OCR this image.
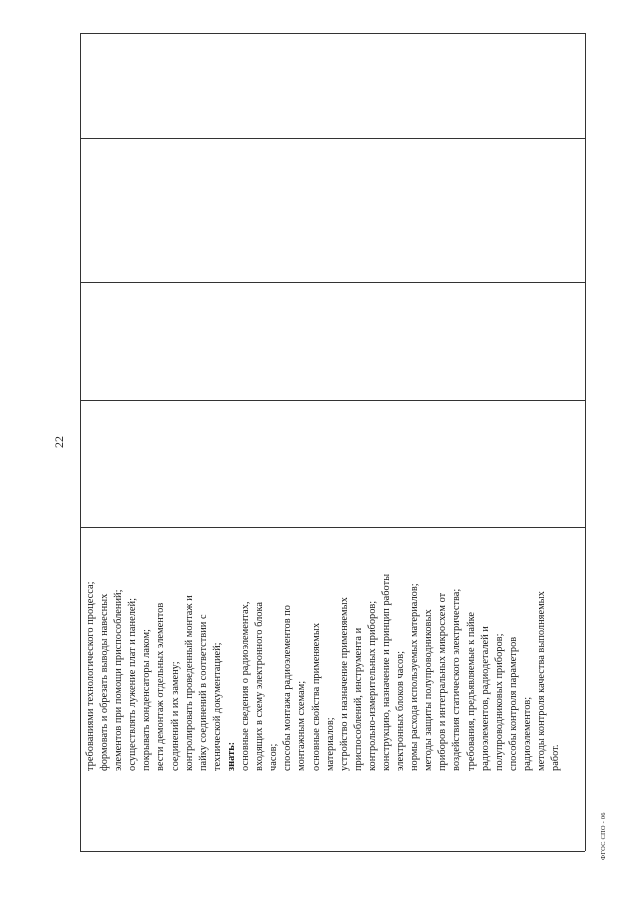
22
требованиями технологического процесса; формовать и обрезать выводы навесных элементов при помощи приспособлений; осуществлять лужение плат и панелей; покрывать конденсаторы лаком; вести демонтаж отдельных элементов соединений и их замену; контролировать проведенный монтаж и пайку соединений в соответствии с технической документацией; знать: основные сведения о радиоэлементах, входящих в схему электронного блока часов; способы монтажа радиоэлементов по монтажным схемам; основные свойства применяемых материалов; устройство и назначение применяемых приспособлений, инструмента и контрольно-измерительных приборов; конструкцию, назначение и принцип работы электронных блоков часов; нормы расхода используемых материалов; методы защиты полупроводниковых приборов и интегральных микросхем от воздействия статического электричества; требования, предъявляемые к пайке радиоэлементов, радиодеталей и полупроводниковых приборов; способы контроля параметров радиоэлементов; методы контроля качества выполняемых работ.
ФГОС СПО - 06
